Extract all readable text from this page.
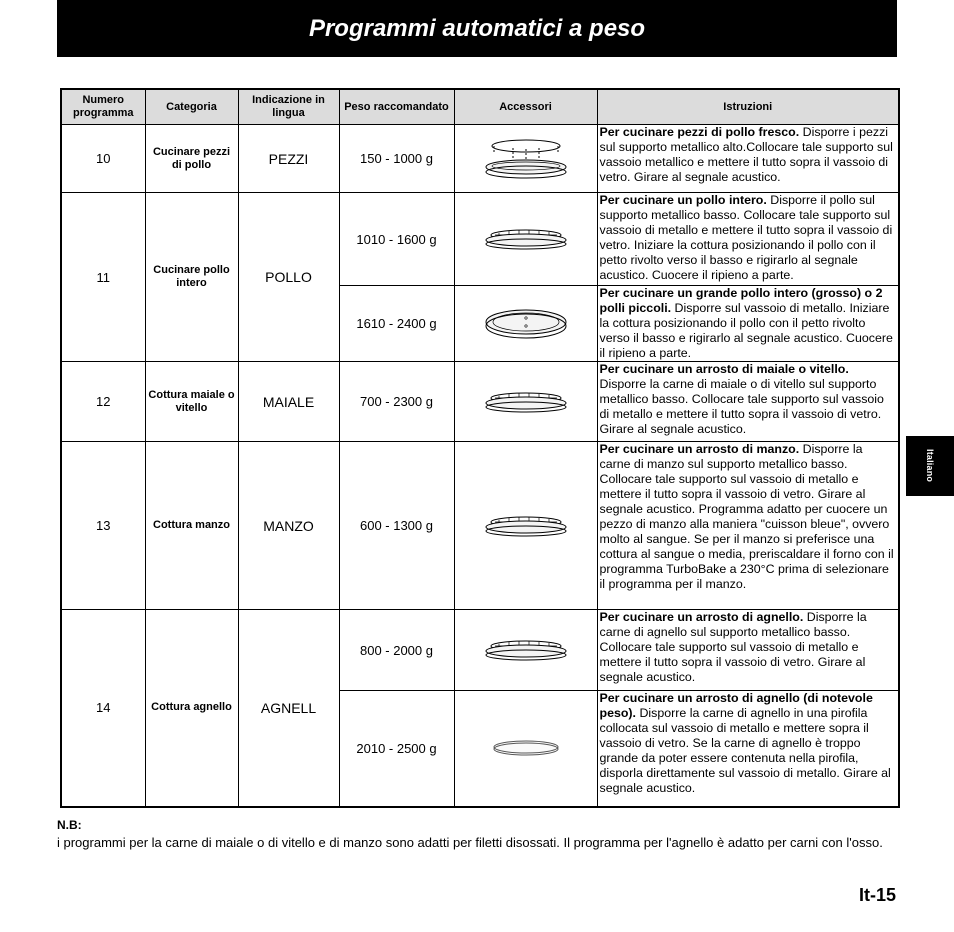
Programmi automatici a peso
Italiano
Numero programma	Categoria	Indicazione in lingua	Peso raccomandato	Accessori	Istruzioni
10	Cucinare pezzi di pollo	PEZZI	150 - 1000 g		Per cucinare pezzi di pollo fresco. Disporre i pezzi sul supporto metallico alto.Collocare tale supporto sul vassoio metallico e mettere il tutto sopra il vassoio di vetro. Girare al segnale acustico.
11	Cucinare pollo intero	POLLO	1010 - 1600 g		Per cucinare un pollo intero. Disporre il pollo sul supporto metallico basso. Collocare tale supporto sul vassoio di metallo e mettere il tutto sopra il vassoio di vetro. Iniziare la cottura posizionando il pollo con il petto rivolto verso il basso e rigirarlo al segnale acustico. Cuocere il ripieno a parte.
			1610 - 2400 g		Per cucinare un grande pollo intero (grosso) o 2 polli piccoli. Disporre sul vassoio di metallo. Iniziare la cottura posizionando il pollo con il petto rivolto verso il basso e rigirarlo al segnale acustico. Cuocere il ripieno a parte.
12	Cottura maiale o vitello	MAIALE	700 - 2300 g		Per cucinare un arrosto di maiale o vitello. Disporre la carne di maiale o di vitello sul supporto metallico basso. Collocare tale supporto sul vassoio di metallo e mettere il tutto sopra il vassoio di vetro. Girare al segnale acustico.
13	Cottura manzo	MANZO	600 - 1300 g		Per cucinare un arrosto di manzo. Disporre la carne di manzo sul supporto metallico basso. Collocare tale supporto sul vassoio di metallo e mettere il tutto sopra il vassoio di vetro. Girare al segnale acustico. Programma adatto per cuocere un pezzo di manzo alla maniera "cuisson bleue", ovvero molto al sangue. Se per il manzo si preferisce una cottura al sangue o media, preriscaldare il forno con il programma TurboBake a 230°C prima di selezionare il programma per il manzo.
14	Cottura agnello	AGNELL	800 - 2000 g		Per cucinare un arrosto di agnello. Disporre la carne di agnello sul supporto metallico basso. Collocare tale supporto sul vassoio di metallo e mettere il tutto sopra il vassoio di vetro. Girare al segnale acustico.
			2010 - 2500 g		Per cucinare un arrosto di agnello (di notevole peso). Disporre la carne di agnello in una pirofila collocata sul vassoio di metallo e mettere sopra il vassoio di vetro. Se la carne di agnello è troppo grande da poter essere contenuta nella pirofila, disporla direttamente sul vassoio di metallo. Girare al segnale acustico.
N.B:
i programmi per la carne di maiale o di vitello e di manzo sono adatti per filetti disossati. Il programma per l'agnello è adatto per carni con l'osso.
It-15
